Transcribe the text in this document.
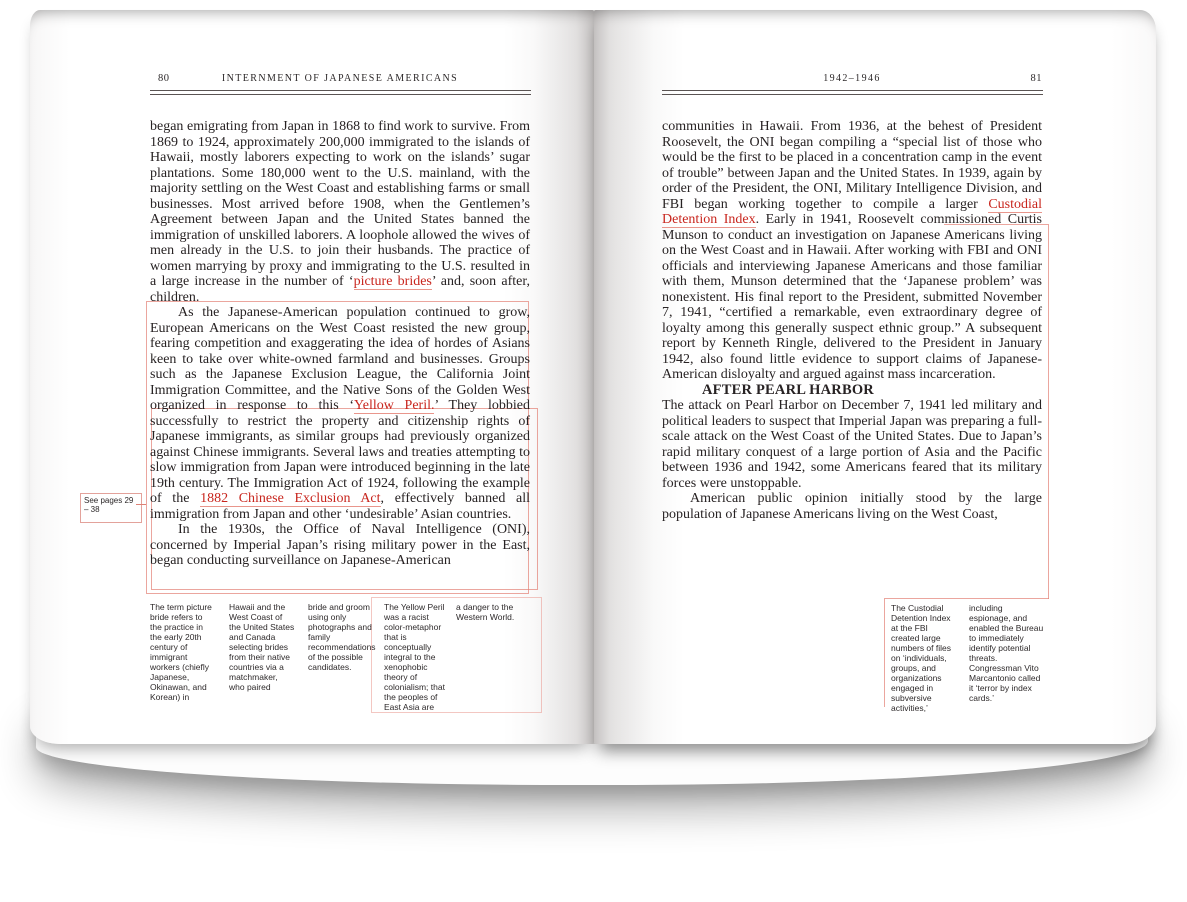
80	INTERNMENT OF JAPANESE AMERICANS	1942–1946	81
See pages 29 – 38

began emigrating from Japan in 1868 to find work to survive. From 1869 to 1924, approximately 200,000 immigrated to the islands of Hawaii, mostly laborers expecting to work on the islands’ sugar plantations. Some 180,000 went to the U.S. mainland, with the majority settling on the West Coast and establishing farms or small businesses. Most arrived before 1908, when the Gentlemen’s Agreement between Japan and the United States banned the immigration of unskilled laborers. A loophole allowed the wives of men already in the U.S. to join their husbands. The practice of women marrying by proxy and immigrating to the U.S. resulted in a large increase in the number of ‘picture brides’ and, soon after, children.

As the Japanese-American population continued to grow, European Americans on the West Coast resisted the new group, fearing competition and exaggerating the idea of hordes of Asians keen to take over white-owned farmland and businesses. Groups such as the Japanese Exclusion League, the California Joint Immigration Committee, and the Native Sons of the Golden West organized in response to this ‘Yellow Peril.’ They lobbied successfully to restrict the property and citizenship rights of Japanese immigrants, as similar groups had previously organized against Chinese immigrants. Several laws and treaties attempting to slow immigration from Japan were introduced beginning in the late 19th century. The Immigration Act of 1924, following the example of the 1882 Chinese Exclusion Act, effectively banned all immigration from Japan and other ‘undesirable’ Asian countries.

In the 1930s, the Office of Naval Intelligence (ONI), concerned by Imperial Japan’s rising military power in the East, began conducting surveillance on Japanese-American

communities in Hawaii. From 1936, at the behest of President Roosevelt, the ONI began compiling a “special list of those who would be the first to be placed in a concentration camp in the event of trouble” between Japan and the United States. In 1939, again by order of the President, the ONI, Military Intelligence Division, and FBI began working together to compile a larger Custodial Detention Index. Early in 1941, Roosevelt commissioned Curtis Munson to conduct an investigation on Japanese Americans living on the West Coast and in Hawaii. After working with FBI and ONI officials and interviewing Japanese Americans and those familiar with them, Munson determined that the ‘Japanese problem’ was nonexistent. His final report to the President, submitted November 7, 1941, “certified a remarkable, even extraordinary degree of loyalty among this generally suspect ethnic group.” A subsequent report by Kenneth Ringle, delivered to the President in January 1942, also found little evidence to support claims of Japanese-American disloyalty and argued against mass incarceration.

AFTER PEARL HARBOR

The attack on Pearl Harbor on December 7, 1941 led military and political leaders to suspect that Imperial Japan was preparing a full-scale attack on the West Coast of the United States. Due to Japan’s rapid military conquest of a large portion of Asia and the Pacific between 1936 and 1942, some Americans feared that its military forces were unstoppable.

American public opinion initially stood by the large population of Japanese Americans living on the West Coast,

The term picture bride refers to the practice in the early 20th century of immigrant workers (chiefly Japanese, Okinawan, and Korean) in
Hawaii and the West Coast of the United States and Canada selecting brides from their native countries via a matchmaker, who paired
bride and groom using only photographs and family recommendations of the possible candidates.
The Yellow Peril was a racist color-metaphor that is conceptually integral to the xenophobic theory of colonialism; that the peoples of East Asia are
a danger to the Western World.
The Custodial Detention Index at the FBI created large numbers of files on ‘individuals, groups, and organizations engaged in subversive activities,’
including espionage, and enabled the Bureau to immediately identify potential threats. Congressman Vito Marcantonio called it ‘terror by index cards.’
